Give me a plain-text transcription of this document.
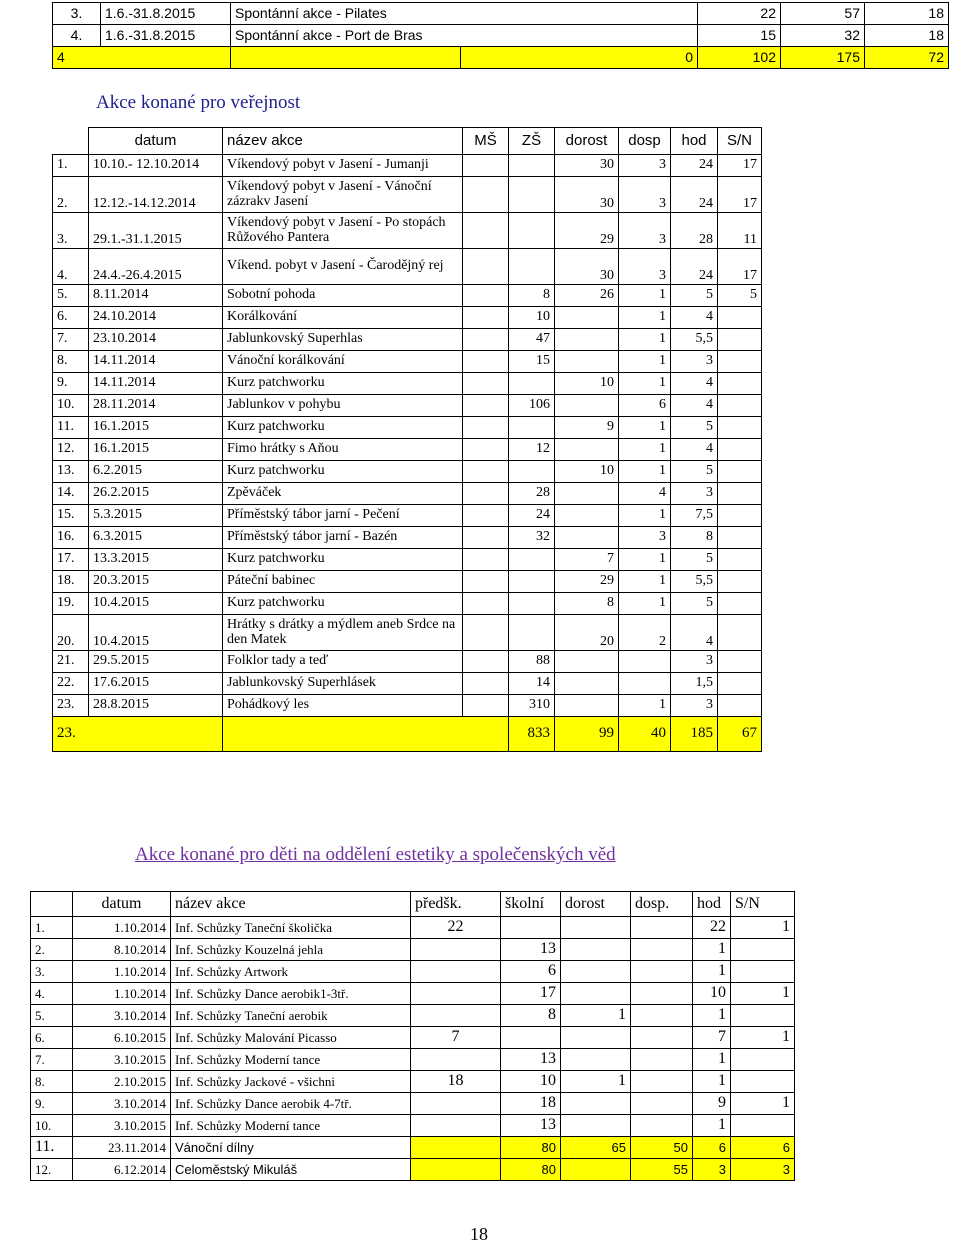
3.	1.6.-31.8.2015	Spontánní akce - Pilates		22	57	18
4.	1.6.-31.8.2015	Spontánní akce - Port de Bras		15	32	18
4			0	102	175	72
Akce konané pro veřejnost
	datum	název akce	MŠ	ZŠ	dorost	dosp	hod	S/N
1.	10.10.- 12.10.2014	Víkendový pobyt v Jasení - Jumanji			30	3	24	17
2.	12.12.-14.12.2014	Víkendový pobyt v Jasení - Vánoční zázrakv Jasení			30	3	24	17
3.	29.1.-31.1.2015	Víkendový pobyt v Jasení - Po stopách Růžového Pantera			29	3	28	11
4.	24.4.-26.4.2015	Víkend. pobyt v Jasení - Čarodějný rej			30	3	24	17
5.	8.11.2014	Sobotní pohoda		8	26	1	5	5
6.	24.10.2014	Korálkování		10		1	4	
7.	23.10.2014	Jablunkovský Superhlas		47		1	5,5	
8.	14.11.2014	Vánoční korálkování		15		1	3	
9.	14.11.2014	Kurz patchworku			10	1	4	
10.	28.11.2014	Jablunkov v pohybu		106		6	4	
11.	16.1.2015	Kurz patchworku			9	1	5	
12.	16.1.2015	Fimo hrátky s Aňou		12		1	4	
13.	6.2.2015	Kurz patchworku			10	1	5	
14.	26.2.2015	Zpěváček		28		4	3	
15.	5.3.2015	Příměstský tábor jarní - Pečení		24		1	7,5	
16.	6.3.2015	Příměstský tábor jarní - Bazén		32		3	8	
17.	13.3.2015	Kurz patchworku			7	1	5	
18.	20.3.2015	Páteční babinec			29	1	5,5	
19.	10.4.2015	Kurz patchworku			8	1	5	
20.	10.4.2015	Hrátky s drátky a mýdlem aneb Srdce na den Matek			20	2	4	
21.	29.5.2015	Folklor tady a teď		88			3	
22.	17.6.2015	Jablunkovský Superhlásek		14			1,5	
23.	28.8.2015	Pohádkový les		310		1	3	
23.				833	99	40	185	67
Akce konané pro děti na oddělení estetiky a společenských věd
	datum	název akce	předšk.	školní	dorost	dosp.	hod	S/N
1.	1.10.2014	Inf. Schůzky Taneční školička	22				22	1
2.	8.10.2014	Inf. Schůzky Kouzelná jehla		13			1	
3.	1.10.2014	Inf. Schůzky Artwork		6			1	
4.	1.10.2014	Inf. Schůzky Dance aerobik1-3tř.		17			10	1
5.	3.10.2014	Inf. Schůzky Taneční aerobik		8	1		1	
6.	6.10.2015	Inf. Schůzky Malování Picasso	7				7	1
7.	3.10.2015	Inf. Schůzky Moderní tance		13			1	
8.	2.10.2015	Inf. Schůzky Jackové - všichni	18	10	1		1	
9.	3.10.2014	Inf. Schůzky Dance aerobik 4-7tř.		18			9	1
10.	3.10.2015	Inf. Schůzky Moderní tance		13			1	
11.	23.11.2014	Vánoční dílny		80	65	50	6	6
12.	6.12.2014	Celoměstský Mikuláš		80		55	3	3
18
